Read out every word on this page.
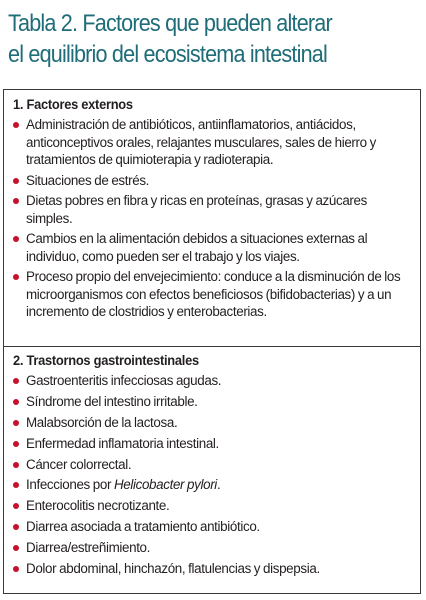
Tabla 2. Factores que pueden alterar
el equilibrio del ecosistema intestinal
1. Factores externos
Administración de antibióticos, antiinflamatorios, antiácidos, anticonceptivos orales, relajantes musculares, sales de hierro y tratamientos de quimioterapia y radioterapia.
Situaciones de estrés.
Dietas pobres en fibra y ricas en proteínas, grasas y azúcares simples.
Cambios en la alimentación debidos a situaciones externas al individuo, como pueden ser el trabajo y los viajes.
Proceso propio del envejecimiento: conduce a la disminución de los microorganismos con efectos beneficiosos (bifidobacterias) y a un incremento de clostridios y enterobacterias.
2. Trastornos gastrointestinales
Gastroenteritis infecciosas agudas.
Síndrome del intestino irritable.
Malabsorción de la lactosa.
Enfermedad inflamatoria intestinal.
Cáncer colorrectal.
Infecciones por Helicobacter pylori.
Enterocolitis necrotizante.
Diarrea asociada a tratamiento antibiótico.
Diarrea/estreñimiento.
Dolor abdominal, hinchazón, flatulencias y dispepsia.
